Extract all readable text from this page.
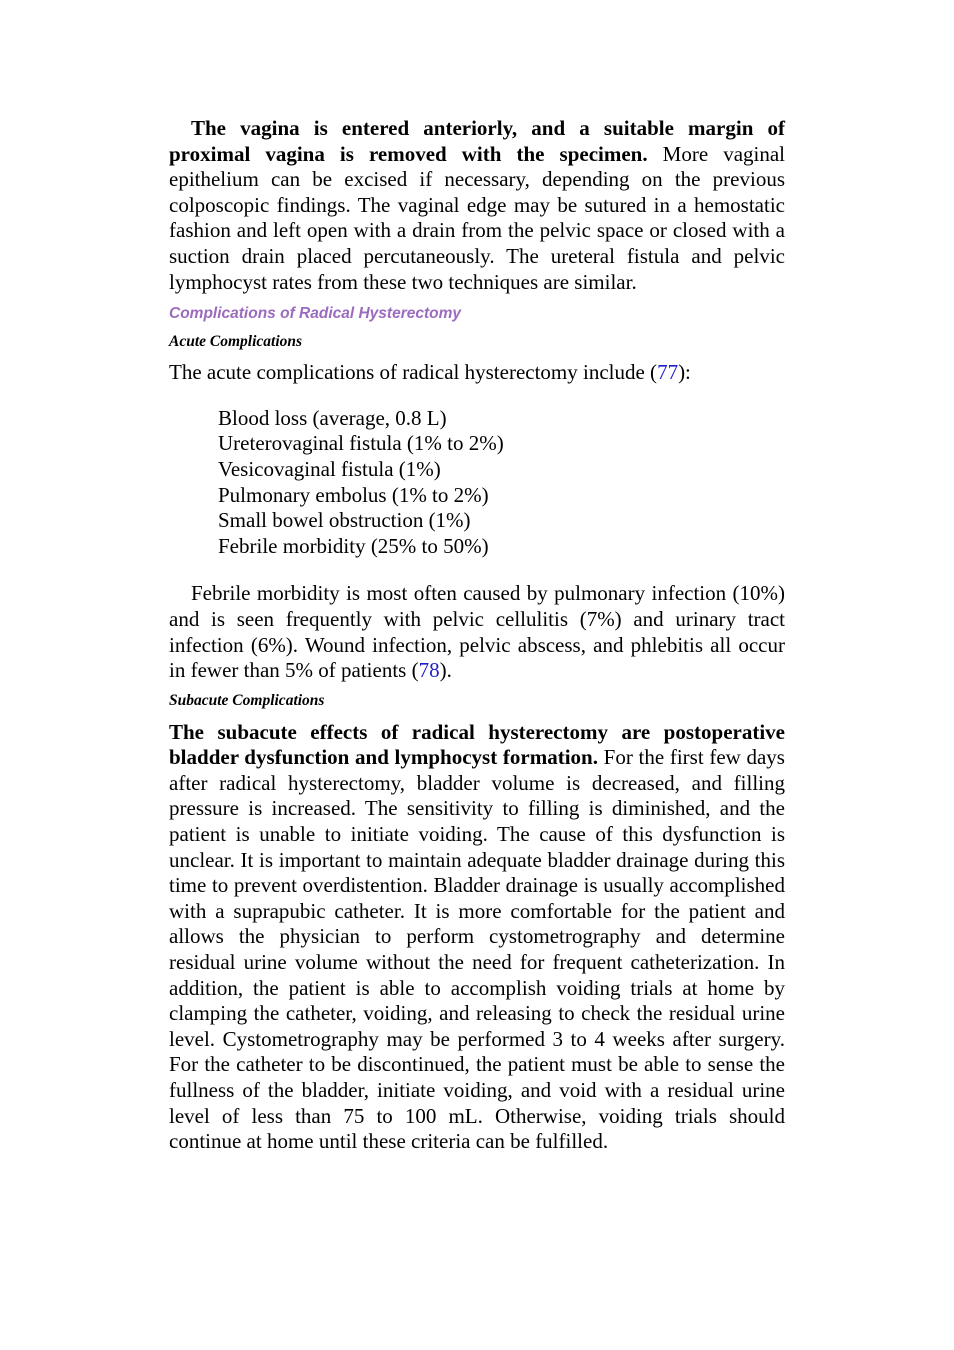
The vagina is entered anteriorly, and a suitable margin of proximal vagina is removed with the specimen. More vaginal epithelium can be excised if necessary, depending on the previous colposcopic findings. The vaginal edge may be sutured in a hemostatic fashion and left open with a drain from the pelvic space or closed with a suction drain placed percutaneously. The ureteral fistula and pelvic lymphocyst rates from these two techniques are similar.

Complications of Radical Hysterectomy
Acute Complications

The acute complications of radical hysterectomy include (77):

Blood loss (average, 0.8 L)
Ureterovaginal fistula (1% to 2%)
Vesicovaginal fistula (1%)
Pulmonary embolus (1% to 2%)
Small bowel obstruction (1%)
Febrile morbidity (25% to 50%)

Febrile morbidity is most often caused by pulmonary infection (10%) and is seen frequently with pelvic cellulitis (7%) and urinary tract infection (6%). Wound infection, pelvic abscess, and phlebitis all occur in fewer than 5% of patients (78).

Subacute Complications

The subacute effects of radical hysterectomy are postoperative bladder dysfunction and lymphocyst formation. For the first few days after radical hysterectomy, bladder volume is decreased, and filling pressure is increased. The sensitivity to filling is diminished, and the patient is unable to initiate voiding. The cause of this dysfunction is unclear. It is important to maintain adequate bladder drainage during this time to prevent overdistention. Bladder drainage is usually accomplished with a suprapubic catheter. It is more comfortable for the patient and allows the physician to perform cystometrography and determine residual urine volume without the need for frequent catheterization. In addition, the patient is able to accomplish voiding trials at home by clamping the catheter, voiding, and releasing to check the residual urine level. Cystometrography may be performed 3 to 4 weeks after surgery. For the catheter to be discontinued, the patient must be able to sense the fullness of the bladder, initiate voiding, and void with a residual urine level of less than 75 to 100 mL. Otherwise, voiding trials should continue at home until these criteria can be fulfilled.
